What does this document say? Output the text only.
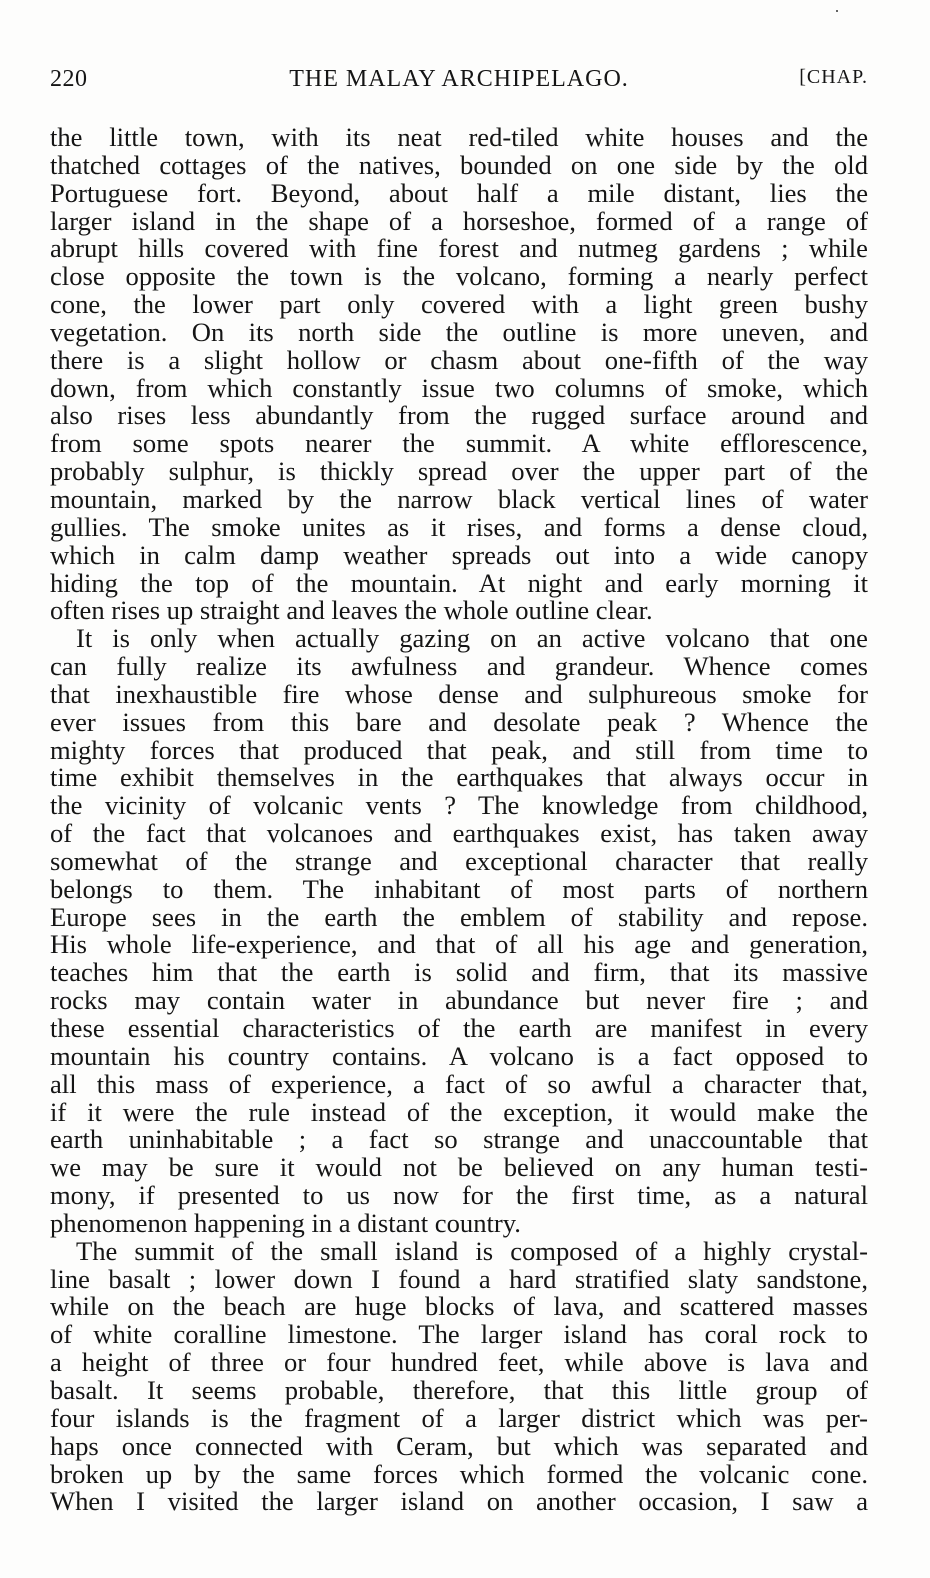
220	THE MALAY ARCHIPELAGO.	[CHAP.
the little town, with its neat red-tiled white houses and the
thatched cottages of the natives, bounded on one side by the old
Portuguese fort. Beyond, about half a mile distant, lies the
larger island in the shape of a horseshoe, formed of a range of
abrupt hills covered with fine forest and nutmeg gardens ; while
close opposite the town is the volcano, forming a nearly perfect
cone, the lower part only covered with a light green bushy
vegetation. On its north side the outline is more uneven, and
there is a slight hollow or chasm about one-fifth of the way
down, from which constantly issue two columns of smoke, which
also rises less abundantly from the rugged surface around and
from some spots nearer the summit. A white efflorescence,
probably sulphur, is thickly spread over the upper part of the
mountain, marked by the narrow black vertical lines of water
gullies. The smoke unites as it rises, and forms a dense cloud,
which in calm damp weather spreads out into a wide canopy
hiding the top of the mountain. At night and early morning it
often rises up straight and leaves the whole outline clear.
It is only when actually gazing on an active volcano that one
can fully realize its awfulness and grandeur. Whence comes
that inexhaustible fire whose dense and sulphureous smoke for
ever issues from this bare and desolate peak ? Whence the
mighty forces that produced that peak, and still from time to
time exhibit themselves in the earthquakes that always occur in
the vicinity of volcanic vents ? The knowledge from childhood,
of the fact that volcanoes and earthquakes exist, has taken away
somewhat of the strange and exceptional character that really
belongs to them. The inhabitant of most parts of northern
Europe sees in the earth the emblem of stability and repose.
His whole life-experience, and that of all his age and generation,
teaches him that the earth is solid and firm, that its massive
rocks may contain water in abundance but never fire ; and
these essential characteristics of the earth are manifest in every
mountain his country contains. A volcano is a fact opposed to
all this mass of experience, a fact of so awful a character that,
if it were the rule instead of the exception, it would make the
earth uninhabitable ; a fact so strange and unaccountable that
we may be sure it would not be believed on any human testi-
mony, if presented to us now for the first time, as a natural
phenomenon happening in a distant country.
The summit of the small island is composed of a highly crystal-
line basalt ; lower down I found a hard stratified slaty sandstone,
while on the beach are huge blocks of lava, and scattered masses
of white coralline limestone. The larger island has coral rock to
a height of three or four hundred feet, while above is lava and
basalt. It seems probable, therefore, that this little group of
four islands is the fragment of a larger district which was per-
haps once connected with Ceram, but which was separated and
broken up by the same forces which formed the volcanic cone.
When I visited the larger island on another occasion, I saw a
